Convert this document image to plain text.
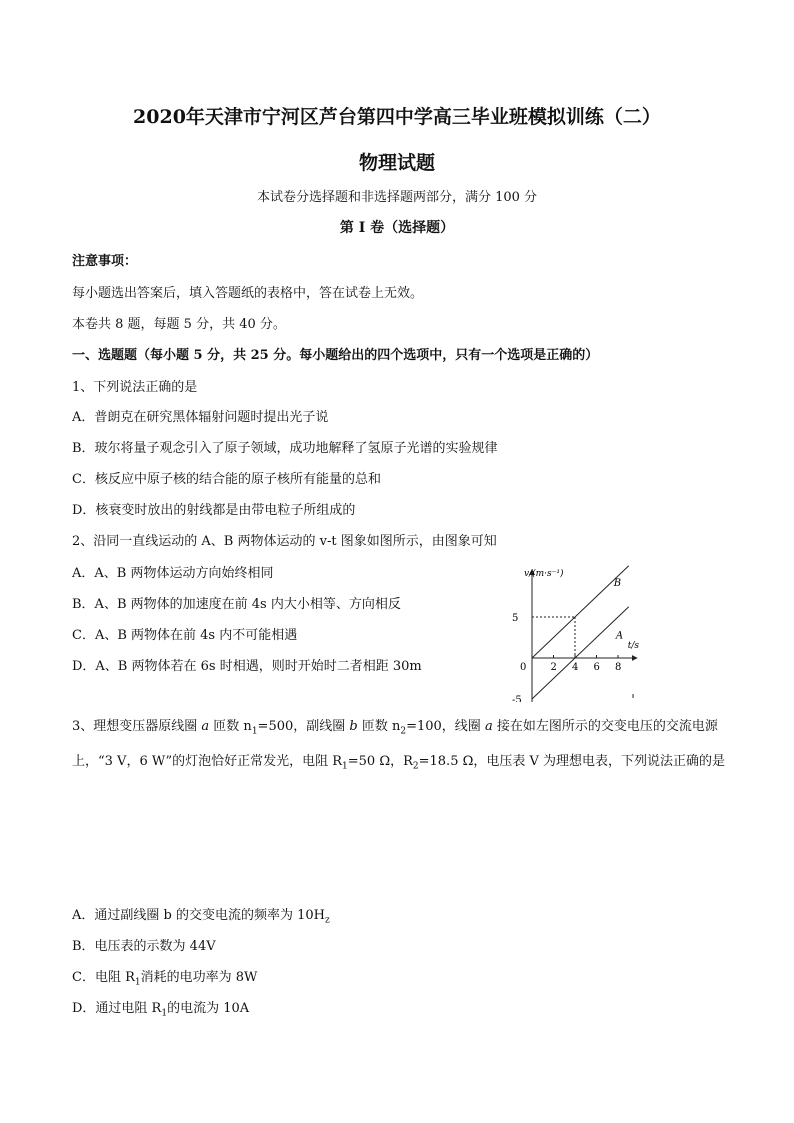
2020年天津市宁河区芦台第四中学高三毕业班模拟训练（二）
物理试题
本试卷分选择题和非选择题两部分，满分 100 分
第 I 卷（选择题）
注意事项：
每小题选出答案后，填入答题纸的表格中，答在试卷上无效。
本卷共 8 题，每题 5 分，共 40 分。
一、选题题（每小题 5 分，共 25 分。每小题给出的四个选项中，只有一个选项是正确的）
1、下列说法正确的是
A．普朗克在研究黑体辐射问题时提出光子说
B．玻尔将量子观念引入了原子领域，成功地解释了氢原子光谱的实验规律
C．核反应中原子核的结合能的原子核所有能量的总和
D．核衰变时放出的射线都是由带电粒子所组成的
2、沿同一直线运动的 A、B 两物体运动的 v-t 图象如图所示，由图象可知
A．A、B 两物体运动方向始终相同
B．A、B 两物体的加速度在前 4s 内大小相等、方向相反
C．A、B 两物体在前 4s 内不可能相遇
D．A、B 两物体若在 6s 时相遇，则时开始时二者相距 30m
v/(m·s⁻¹)
t/s
0 2 4 6 8
5
-5
B
A
3、理想变压器原线圈 a 匝数 $n_1=500$，副线圈 b 匝数 $n_2=100$，线圈 a 接在如左图所示的交变电压的交流电源上，“3 V，6 W”的灯泡恰好正常发光，电阻 $R_1=50$ Ω，$R_2=18.5$ Ω，电压表 V 为理想电表，下列说法正确的是
A．通过副线圈 b 的交变电流的频率为 $10H_z$
B．电压表的示数为 44V
C．电阻 $R_1$消耗的电功率为 8W
D．通过电阻 $R_1$的电流为 10A
